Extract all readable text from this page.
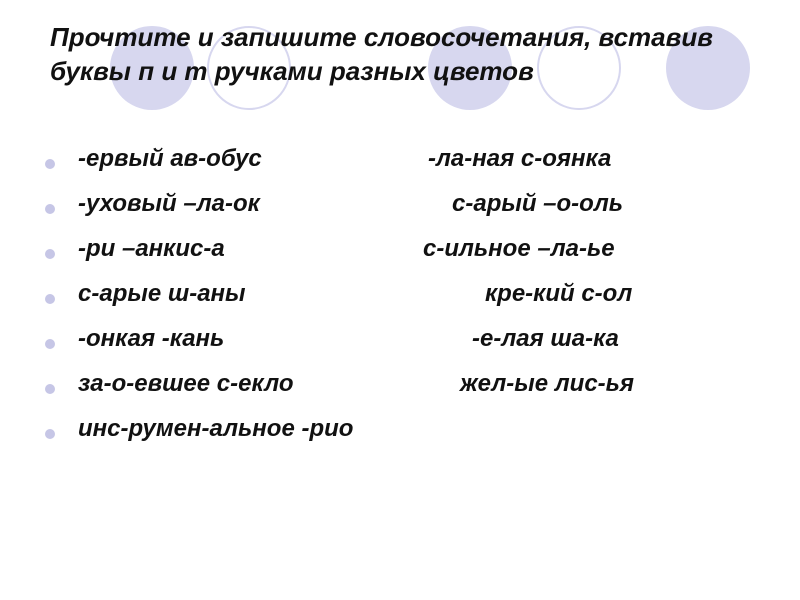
Прочтите и запишите словосочетания, вставив буквы п и т ручками разных цветов
-ервый ав-обус	-ла-ная с-оянка
-уховый –ла-ок	с-арый –о-оль
-ри –анкис-а	с-ильное –ла-ье
с-арые ш-аны	кре-кий с-ол
-онкая -кань	-е-лая ша-ка
за-о-евшее с-екло	жел-ые лис-ья
инс-румен-альное -рио
